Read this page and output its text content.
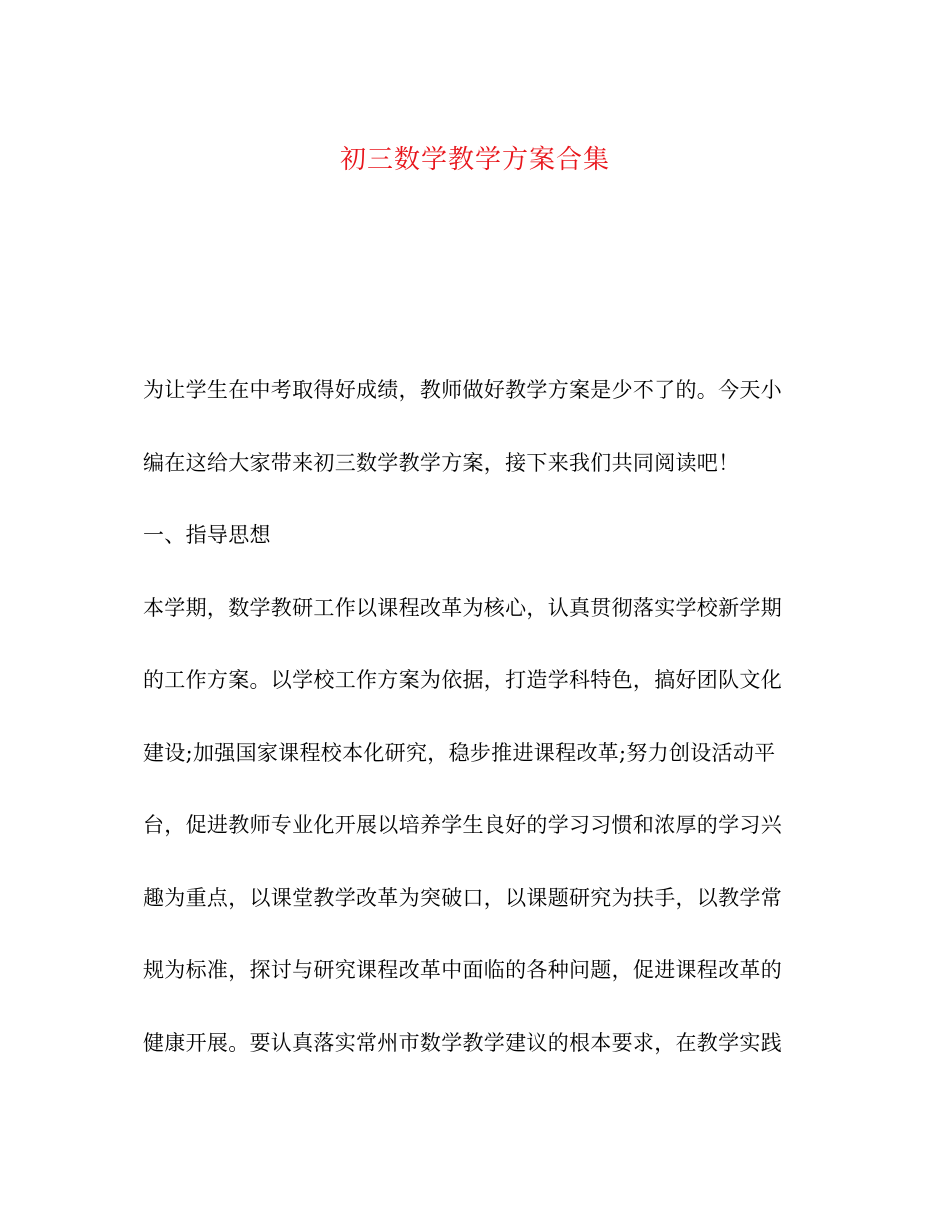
初三数学教学方案合集
为让学生在中考取得好成绩，教师做好教学方案是少不了的。今天小
编在这给大家带来初三数学教学方案，接下来我们共同阅读吧！
一、指导思想
本学期，数学教研工作以课程改革为核心，认真贯彻落实学校新学期
的工作方案。以学校工作方案为依据，打造学科特色，搞好团队文化
建设;加强国家课程校本化研究，稳步推进课程改革;努力创设活动平
台，促进教师专业化开展以培养学生良好的学习习惯和浓厚的学习兴
趣为重点，以课堂教学改革为突破口，以课题研究为扶手，以教学常
规为标准，探讨与研究课程改革中面临的各种问题，促进课程改革的
健康开展。要认真落实常州市数学教学建议的根本要求，在教学实践
